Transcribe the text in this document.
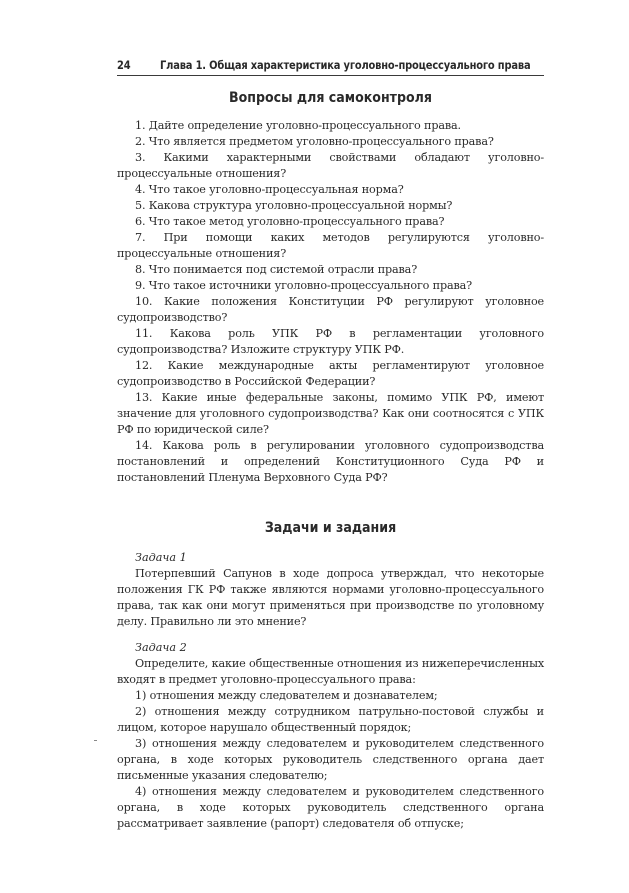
24	Глава 1. Общая характеристика уголовно-процессуального права
Вопросы для самоконтроля

1. Дайте определение уголовно-процессуального права.

2. Что является предметом уголовно-процессуального права?

3. Какими характерными свойствами обладают уголовно-процессуальные отношения?

4. Что такое уголовно-процессуальная норма?

5. Какова структура уголовно-процессуальной нормы?

6. Что такое метод уголовно-процессуального права?

7. При помощи каких методов регулируются уголовно-процессуальные отношения?

8. Что понимается под системой отрасли права?

9. Что такое источники уголовно-процессуального права?

10. Какие положения Конституции РФ регулируют уголовное судопроизводство?

11. Какова роль УПК РФ в регламентации уголовного судопроизводства? Изложите структуру УПК РФ.

12. Какие международные акты регламентируют уголовное судопроизводство в Российской Федерации?

13. Какие иные федеральные законы, помимо УПК РФ, имеют значение для уголовного судопроизводства? Как они соотносятся с УПК РФ по юридической силе?

14. Какова роль в регулировании уголовного судопроизводства постановлений и определений Конституционного Суда РФ и постановлений Пленума Верховного Суда РФ?

Задачи и задания

Задача 1

Потерпевший Сапунов в ходе допроса утверждал, что некоторые положения ГК РФ также являются нормами уголовно-процессуального права, так как они могут применяться при производстве по уголовному делу. Правильно ли это мнение?

Задача 2

Определите, какие общественные отношения из нижеперечисленных входят в предмет уголовно-процессуального права:

1) отношения между следователем и дознавателем;

2) отношения между сотрудником патрульно-постовой службы и лицом, которое нарушало общественный порядок;

3) отношения между следователем и руководителем следственного органа, в ходе которых руководитель следственного органа дает письменные указания следователю;

4) отношения между следователем и руководителем следственного органа, в ходе которых руководитель следственного органа рассматривает заявление (рапорт) следователя об отпуске;
